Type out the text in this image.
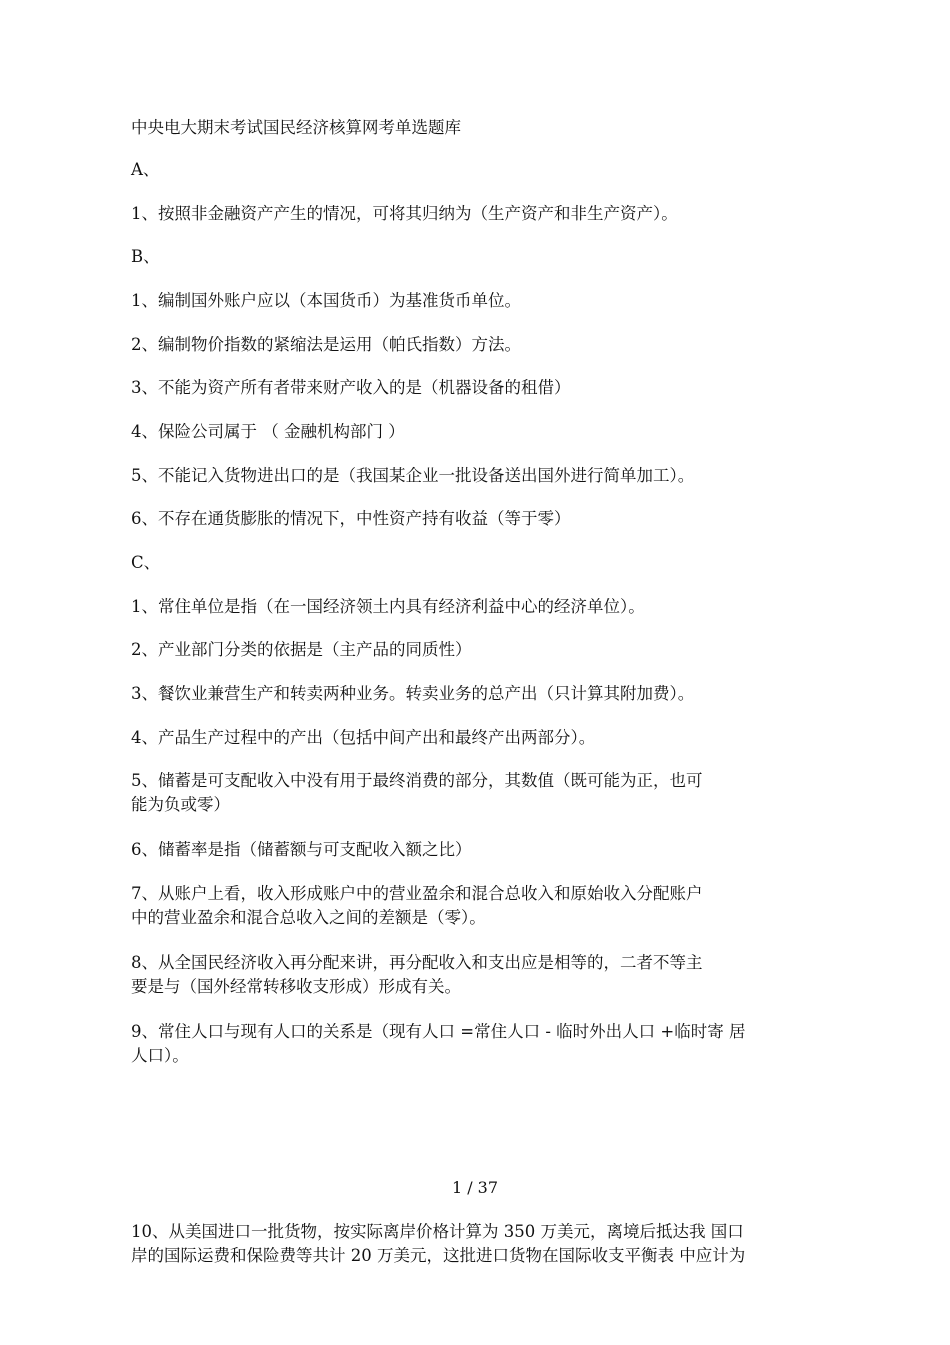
中央电大期末考试国民经济核算网考单选题库
A、
1、按照非金融资产产生的情况，可将其归纳为（生产资产和非生产资产）。
B、
1、编制国外账户应以（本国货币）为基准货币单位。
2、编制物价指数的紧缩法是运用（帕氏指数）方法。
3、不能为资产所有者带来财产收入的是（机器设备的租借）
4、保险公司属于 （ 金融机构部门 ）
5、不能记入货物进出口的是（我国某企业一批设备送出国外进行简单加工）。
6、不存在通货膨胀的情况下，中性资产持有收益（等于零）
C、
1、常住单位是指（在一国经济领土内具有经济利益中心的经济单位）。
2、产业部门分类的依据是（主产品的同质性）
3、餐饮业兼营生产和转卖两种业务。转卖业务的总产出（只计算其附加费）。
4、产品生产过程中的产出（包括中间产出和最终产出两部分）。
5、储蓄是可支配收入中没有用于最终消费的部分，其数值（既可能为正，也可
能为负或零）
6、储蓄率是指（储蓄额与可支配收入额之比）
7、从账户上看，收入形成账户中的营业盈余和混合总收入和原始收入分配账户
中的营业盈余和混合总收入之间的差额是（零）。
8、从全国民经济收入再分配来讲，再分配收入和支出应是相等的，二者不等主
要是与（国外经常转移收支形成）形成有关。
9、常住人口与现有人口的关系是（现有人口 =常住人口 - 临时外出人口 +临时寄 居
人口）。
1 / 37
10、从美国进口一批货物，按实际离岸价格计算为 350 万美元，离境后抵达我 国口
岸的国际运费和保险费等共计 20 万美元，这批进口货物在国际收支平衡表 中应计为
